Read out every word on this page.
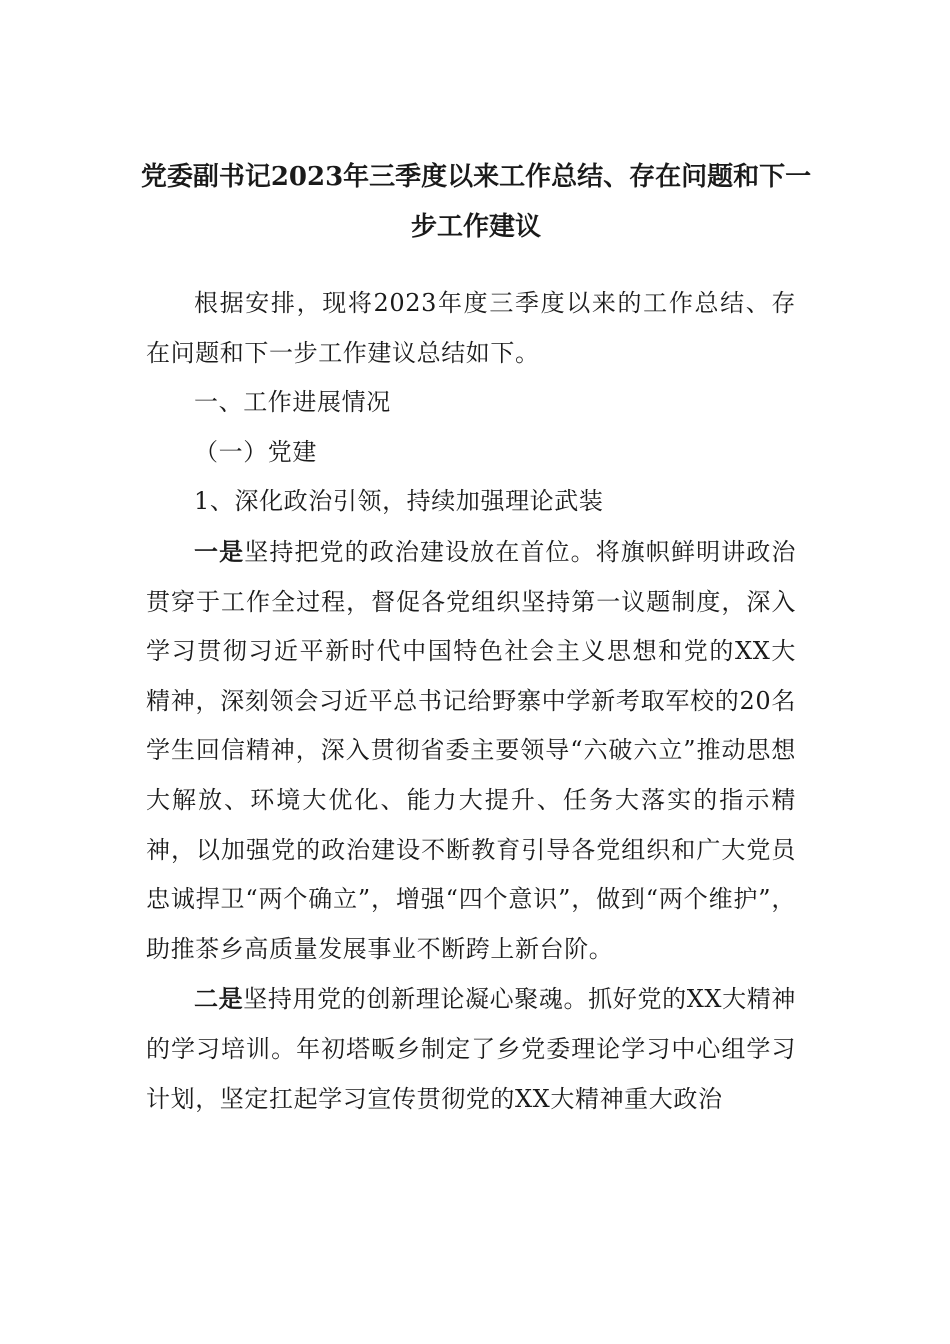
党委副书记2023年三季度以来工作总结、存在问题和下一步工作建议

根据安排，现将2023年度三季度以来的工作总结、存在问题和下一步工作建议总结如下。

一、工作进展情况

（一）党建

1、深化政治引领，持续加强理论武装

一是坚持把党的政治建设放在首位。将旗帜鲜明讲政治贯穿于工作全过程，督促各党组织坚持第一议题制度，深入学习贯彻习近平新时代中国特色社会主义思想和党的XX大精神，深刻领会习近平总书记给野寨中学新考取军校的20名学生回信精神，深入贯彻省委主要领导“六破六立”推动思想大解放、环境大优化、能力大提升、任务大落实的指示精神，以加强党的政治建设不断教育引导各党组织和广大党员忠诚捍卫“两个确立”，增强“四个意识”，做到“两个维护”，助推茶乡高质量发展事业不断跨上新台阶。

二是坚持用党的创新理论凝心聚魂。抓好党的XX大精神的学习培训。年初塔畈乡制定了乡党委理论学习中心组学习计划，坚定扛起学习宣传贯彻党的XX大精神重大政治
